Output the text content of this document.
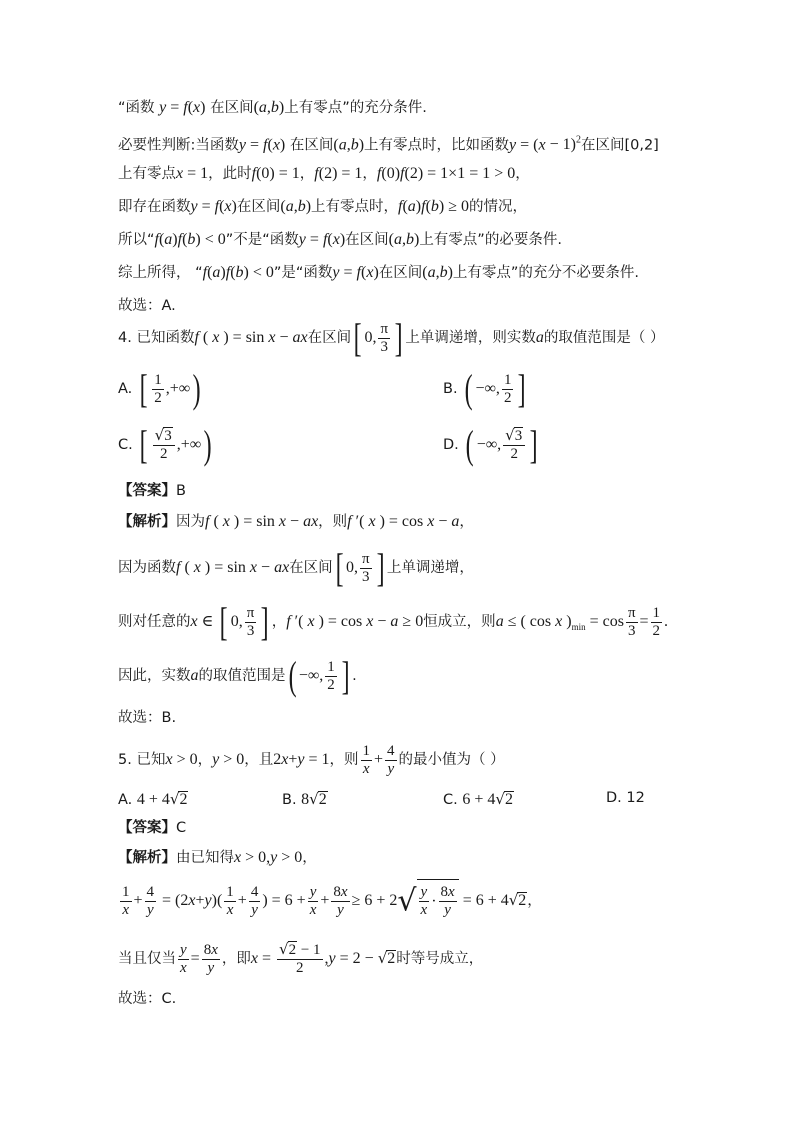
“函数 y = f(x) 在区间(a,b)上有零点”的充分条件.
必要性判断:当函数y = f(x) 在区间(a,b)上有零点时，比如函数$y = (x - 1)^2$在区间[0,2]
上有零点x = 1，此时f(0) = 1，f(2) = 1，f(0)f(2) = 1×1 = 1 > 0，
即存在函数y = f(x)在区间(a,b)上有零点时，f(a)f(b) ≥ 0的情况，
所以“f(a)f(b) < 0”不是“函数y = f(x)在区间(a,b)上有零点”的必要条件.
综上所得， “f(a)f(b) < 0”是“函数y = f(x)在区间(a,b)上有零点”的充分不必要条件.
故选：A.
4. 已知函数f ( x ) = sin x − ax在区间[ 0, $\frac{\pi}{3}$ ] 上单调递增，则实数a的取值范围是（ ）
A. [ $\frac{1}{2}$ ,+∞)	B. ( −∞, $\frac{1}{2}$ ]
C. [ $\frac{√3}{2}$ ,+∞)	D. ( −∞, $\frac{√3}{2}$ ]
【答案】B
【解析】因为f ( x ) = sin x − ax，则f ′( x ) = cos x − a，
因为函数f ( x ) = sin x − ax在区间[ 0, $\frac{\pi}{3}$ ] 上单调递增，
则对任意的x ∈ [ 0, $\frac{\pi}{3}$ ] ，f ′( x ) = cos x − a ≥ 0恒成立，则a ≤ ( cos x )$_{min} = \cos \frac{\pi}{3} = \frac{1}{2}$ .
因此，实数a的取值范围是( −∞, $\frac{1}{2}$ ] .
故选：B.
5. 已知x > 0，y > 0，且2x+y = 1，则 $\frac{1}{x} + \frac{4}{y}$ 的最小值为（ ）
A. 4 + 4√2	B. 8√2	C. 6 + 4√2	D. 12
【答案】C
【解析】由已知得x > 0,y > 0，
$\frac{1}{x} + \frac{4}{y} = (2x+y)( \frac{1}{x} + \frac{4}{y}$ ) = $6 + \frac{y}{x} + \frac{8x}{y} \ge 6 + 2√ \frac{y}{x} \cdot \frac{8x}{y} = 6 + 4√2$，
当且仅当 $\frac{y}{x} = \frac{8x}{y}$ ，即$x = \frac{√2 - 1}{2} ,y = 2 - √2$时等号成立，
故选：C.
